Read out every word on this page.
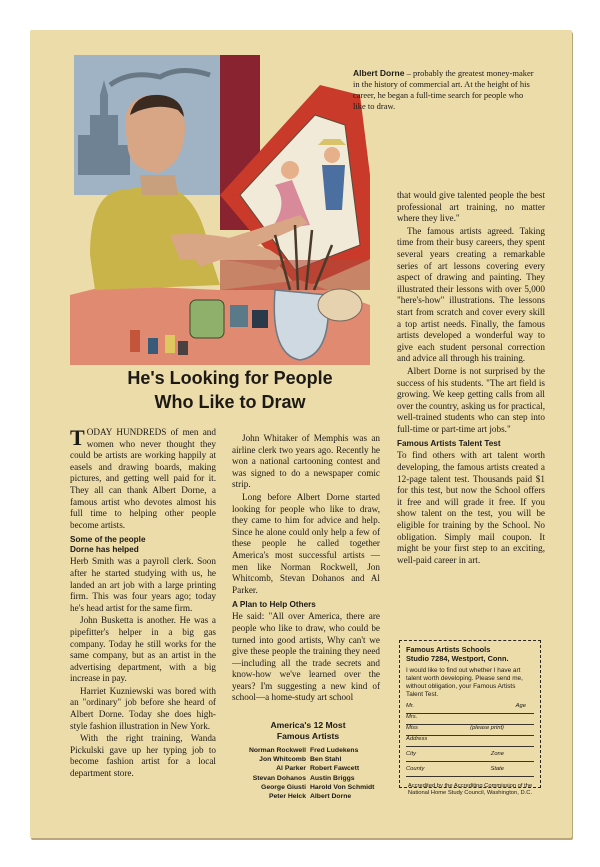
Albert Dorne – probably the greatest money-maker in the history of commercial art. At the height of his career, he began a full-time search for people who like to draw.
He's Looking for People
Who Like to Draw

TODAY HUNDREDS of men and women who never thought they could be artists are working happily at easels and drawing boards, making pictures, and getting well paid for it. They all can thank Albert Dorne, a famous artist who devotes almost his full time to helping other people become artists.

Some of the people
Dorne has helped

Herb Smith was a payroll clerk. Soon after he started studying with us, he landed an art job with a large printing firm. This was four years ago; today he's head artist for the same firm.

John Busketta is another. He was a pipefitter's helper in a big gas company. Today he still works for the same company, but as an artist in the advertising department, with a big increase in pay.

Harriet Kuzniewski was bored with an "ordinary" job before she heard of Albert Dorne. Today she does high-style fashion illustration in New York.

With the right training, Wanda Pickulski gave up her typing job to become fashion artist for a local department store.

John Whitaker of Memphis was an airline clerk two years ago. Recently he won a national cartooning contest and was signed to do a newspaper comic strip.

Long before Albert Dorne started looking for people who like to draw, they came to him for advice and help. Since he alone could only help a few of these people he called together America's most successful artists — men like Norman Rockwell, Jon Whitcomb, Stevan Dohanos and Al Parker.

A Plan to Help Others

He said: "All over America, there are people who like to draw, who could be turned into good artists, Why can't we give these people the training they need—including all the trade secrets and know-how we've learned over the years? I'm suggesting a new kind of school—a home-study art school

that would give talented people the best professional art training, no matter where they live."

The famous artists agreed. Taking time from their busy careers, they spent several years creating a remarkable series of art lessons covering every aspect of drawing and painting. They illustrated their lessons with over 5,000 "here's-how" illustrations. The lessons start from scratch and cover every skill a top artist needs. Finally, the famous artists developed a wonderful way to give each student personal correction and advice all through his training.

Albert Dorne is not surprised by the success of his students. "The art field is growing. We keep getting calls from all over the country, asking us for practical, well-trained students who can step into full-time or part-time art jobs."

Famous Artists Talent Test

To find others with art talent worth developing, the famous artists created a 12-page talent test. Thousands paid $1 for this test, but now the School offers it free and will grade it free. If you show talent on the test, you will be eligible for training by the School. No obligation. Simply mail coupon. It might be your first step to an exciting, well-paid career in art.

America's 12 Most
Famous Artists
Norman Rockwell	Fred Ludekens
Jon Whitcomb	Ben Stahl
Al Parker	Robert Fawcett
Stevan Dohanos	Austin Briggs
George Giusti	Harold Von Schmidt
Peter Helck	Albert Dorne
Famous Artists Schools
Studio 7284, Westport, Conn.
I would like to find out whether I have art talent worth developing. Please send me, without obligation, your Famous Artists Talent Test.
Mr.	Age
Mrs.
Miss	(please print)
Address
City	Zone
County	State
Accredited by the Accrediting Commission of the National Home Study Council, Washington, D.C.
